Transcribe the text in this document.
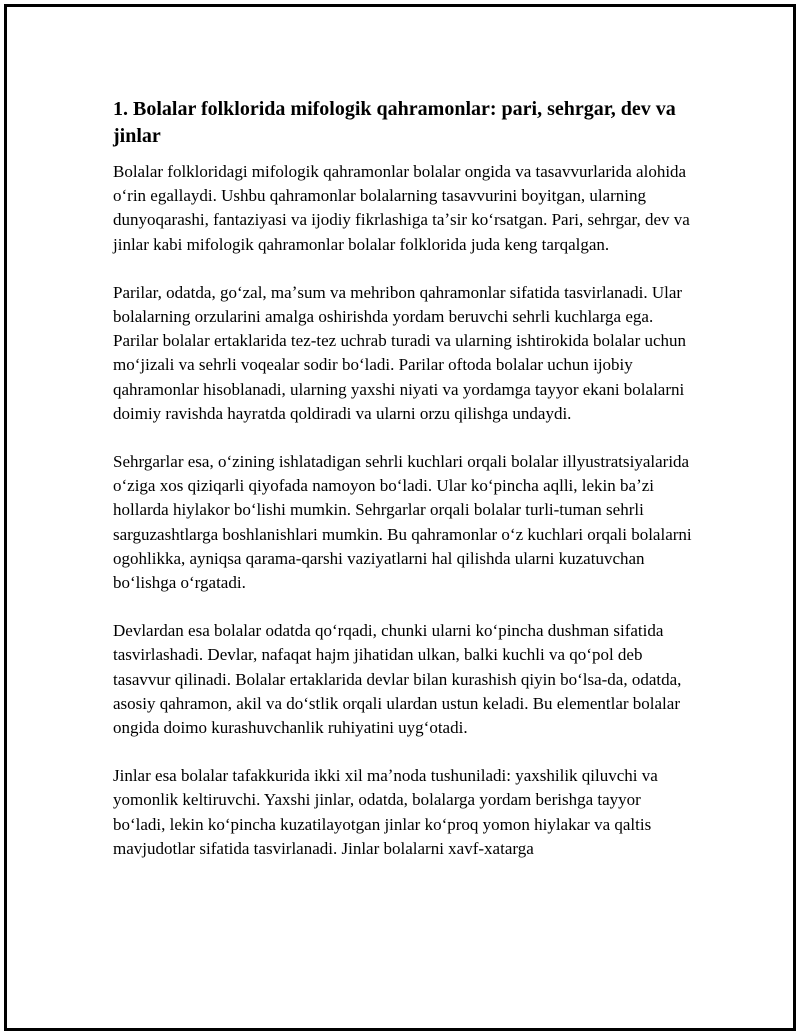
1. Bolalar folklorida mifologik qahramonlar: pari, sehrgar, dev va jinlar

Bolalar folkloridagi mifologik qahramonlar bolalar ongida va tasavvurlarida alohida oʻrin egallaydi. Ushbu qahramonlar bolalarning tasavvurini boyitgan, ularning dunyoqarashi, fantaziyasi va ijodiy fikrlashiga taʼsir koʻrsatgan. Pari, sehrgar, dev va jinlar kabi mifologik qahramonlar bolalar folklorida juda keng tarqalgan.

Parilar, odatda, goʻzal, maʼsum va mehribon qahramonlar sifatida tasvirlanadi. Ular bolalarning orzularini amalga oshirishda yordam beruvchi sehrli kuchlarga ega. Parilar bolalar ertaklarida tez-tez uchrab turadi va ularning ishtirokida bolalar uchun moʻjizali va sehrli voqealar sodir boʻladi. Parilar oftoda bolalar uchun ijobiy qahramonlar hisoblanadi, ularning yaxshi niyati va yordamga tayyor ekani bolalarni doimiy ravishda hayratda qoldiradi va ularni orzu qilishga undaydi.

Sehrgarlar esa, oʻzining ishlatadigan sehrli kuchlari orqali bolalar illyustratsiyalarida oʻziga xos qiziqarli qiyofada namoyon boʻladi. Ular koʻpincha aqlli, lekin baʼzi hollarda hiylakor boʻlishi mumkin. Sehrgarlar orqali bolalar turli-tuman sehrli sarguzashtlarga boshlanishlari mumkin. Bu qahramonlar oʻz kuchlari orqali bolalarni ogohlikka, ayniqsa qarama-qarshi vaziyatlarni hal qilishda ularni kuzatuvchan boʻlishga oʻrgatadi.

Devlardan esa bolalar odatda qoʻrqadi, chunki ularni koʻpincha dushman sifatida tasvirlashadi. Devlar, nafaqat hajm jihatidan ulkan, balki kuchli va qoʻpol deb tasavvur qilinadi. Bolalar ertaklarida devlar bilan kurashish qiyin boʻlsa-da, odatda, asosiy qahramon, akil va doʻstlik orqali ulardan ustun keladi. Bu elementlar bolalar ongida doimo kurashuvchanlik ruhiyatini uygʻotadi.

Jinlar esa bolalar tafakkurida ikki xil maʼnoda tushuniladi: yaxshilik qiluvchi va yomonlik keltiruvchi. Yaxshi jinlar, odatda, bolalarga yordam berishga tayyor boʻladi, lekin koʻpincha kuzatilayotgan jinlar koʻproq yomon hiylakar va qaltis mavjudotlar sifatida tasvirlanadi. Jinlar bolalarni xavf-xatarga
